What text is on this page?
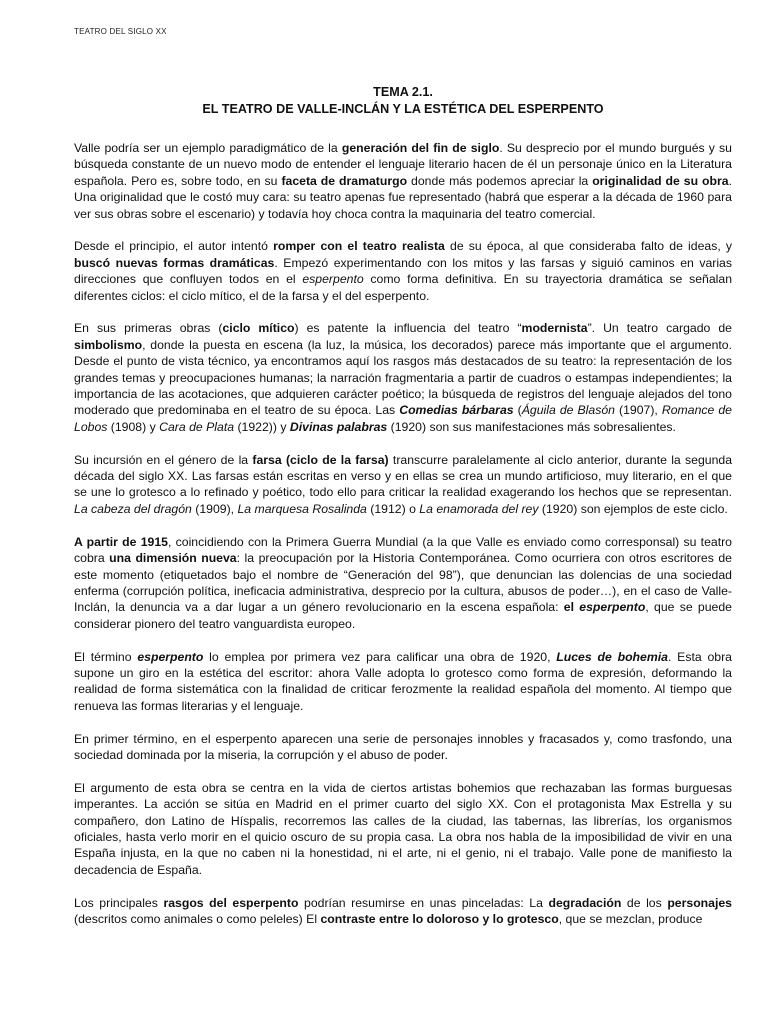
TEATRO DEL SIGLO XX
TEMA 2.1.
EL TEATRO DE VALLE-INCLÁN Y LA ESTÉTICA DEL ESPERPENTO

Valle podría ser un ejemplo paradigmático de la generación del fin de siglo. Su desprecio por el mundo burgués y su búsqueda constante de un nuevo modo de entender el lenguaje literario hacen de él un personaje único en la Literatura española. Pero es, sobre todo, en su faceta de dramaturgo donde más podemos apreciar la originalidad de su obra. Una originalidad que le costó muy cara: su teatro apenas fue representado (habrá que esperar a la década de 1960 para ver sus obras sobre el escenario) y todavía hoy choca contra la maquinaria del teatro comercial.

Desde el principio, el autor intentó romper con el teatro realista de su época, al que consideraba falto de ideas, y buscó nuevas formas dramáticas. Empezó experimentando con los mitos y las farsas y siguió caminos en varias direcciones que confluyen todos en el esperpento como forma definitiva. En su trayectoria dramática se señalan diferentes ciclos: el ciclo mítico, el de la farsa y el del esperpento.

En sus primeras obras (ciclo mítico) es patente la influencia del teatro “modernista”. Un teatro cargado de simbolismo, donde la puesta en escena (la luz, la música, los decorados) parece más importante que el argumento. Desde el punto de vista técnico, ya encontramos aquí los rasgos más destacados de su teatro: la representación de los grandes temas y preocupaciones humanas; la narración fragmentaria a partir de cuadros o estampas independientes; la importancia de las acotaciones, que adquieren carácter poético; la búsqueda de registros del lenguaje alejados del tono moderado que predominaba en el teatro de su época. Las Comedias bárbaras (Águila de Blasón (1907), Romance de Lobos (1908) y Cara de Plata (1922)) y Divinas palabras (1920) son sus manifestaciones más sobresalientes.

Su incursión en el género de la farsa (ciclo de la farsa) transcurre paralelamente al ciclo anterior, durante la segunda década del siglo XX. Las farsas están escritas en verso y en ellas se crea un mundo artificioso, muy literario, en el que se une lo grotesco a lo refinado y poético, todo ello para criticar la realidad exagerando los hechos que se representan. La cabeza del dragón (1909), La marquesa Rosalinda (1912) o La enamorada del rey (1920) son ejemplos de este ciclo.

A partir de 1915, coincidiendo con la Primera Guerra Mundial (a la que Valle es enviado como corresponsal) su teatro cobra una dimensión nueva: la preocupación por la Historia Contemporánea. Como ocurriera con otros escritores de este momento (etiquetados bajo el nombre de “Generación del 98”), que denuncian las dolencias de una sociedad enferma (corrupción política, ineficacia administrativa, desprecio por la cultura, abusos de poder…), en el caso de Valle-Inclán, la denuncia va a dar lugar a un género revolucionario en la escena española: el esperpento, que se puede considerar pionero del teatro vanguardista europeo.

El término esperpento lo emplea por primera vez para calificar una obra de 1920, Luces de bohemia. Esta obra supone un giro en la estética del escritor: ahora Valle adopta lo grotesco como forma de expresión, deformando la realidad de forma sistemática con la finalidad de criticar ferozmente la realidad española del momento. Al tiempo que renueva las formas literarias y el lenguaje.

En primer término, en el esperpento aparecen una serie de personajes innobles y fracasados y, como trasfondo, una sociedad dominada por la miseria, la corrupción y el abuso de poder.

El argumento de esta obra se centra en la vida de ciertos artistas bohemios que rechazaban las formas burguesas imperantes. La acción se sitúa en Madrid en el primer cuarto del siglo XX. Con el protagonista Max Estrella y su compañero, don Latino de Híspalis, recorremos las calles de la ciudad, las tabernas, las librerías, los organismos oficiales, hasta verlo morir en el quicio oscuro de su propia casa. La obra nos habla de la imposibilidad de vivir en una España injusta, en la que no caben ni la honestidad, ni el arte, ni el genio, ni el trabajo. Valle pone de manifiesto la decadencia de España.

Los principales rasgos del esperpento podrían resumirse en unas pinceladas: La degradación de los personajes (descritos como animales o como peleles) El contraste entre lo doloroso y lo grotesco, que se mezclan, produce
